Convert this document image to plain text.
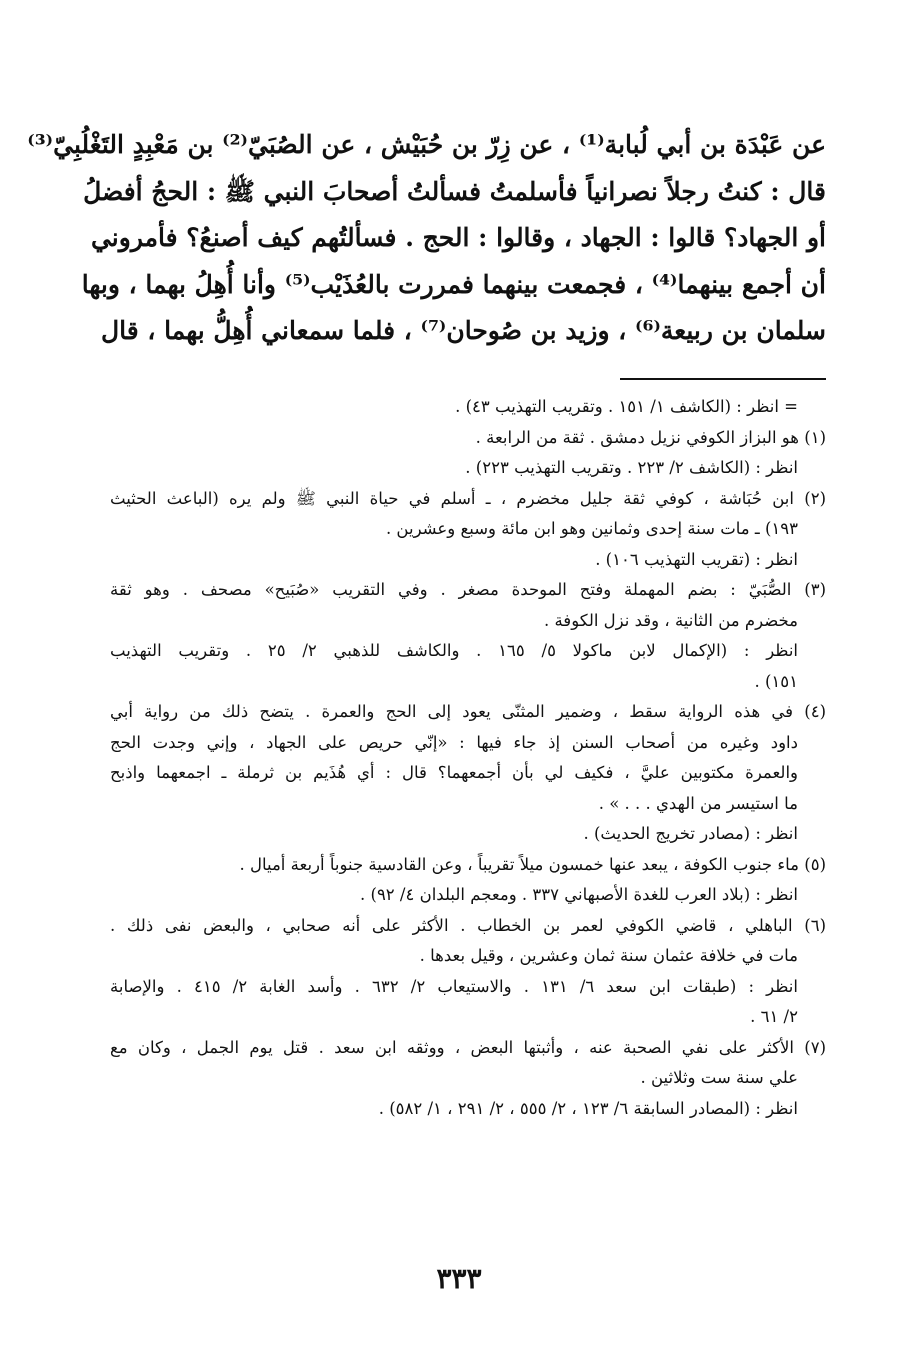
عن عَبْدَة بن أبي لُبابة⁽¹⁾ ، عن زِرّ بن حُبَيْش ، عن الصُبَيّ⁽²⁾ بن مَعْبِدٍ التَغْلُبِيّ⁽³⁾
قال : كنتُ رجلاً نصرانياً فأسلمتُ فسألتُ أصحابَ النبي ﷺ : الحجُ أفضلُ
أو الجهاد؟ قالوا : الجهاد ، وقالوا : الحج . فسألتُهم كيف أصنعُ؟ فأمروني
أن أجمع بينهما⁽⁴⁾ ، فجمعت بينهما فمررت بالعُذَيْب⁽⁵⁾ وأنا أُهِلُ بهما ، وبها
سلمان بن ربيعة⁽⁶⁾ ، وزيد بن صُوحان⁽⁷⁾ ، فلما سمعاني أُهِلُّ بهما ، قال
= انظر : (الكاشف ١/ ١٥١ . وتقريب التهذيب ٤٣) .
(١) هو البزاز الكوفي نزيل دمشق . ثقة من الرابعة .
انظر : (الكاشف ٢/ ٢٢٣ . وتقريب التهذيب ٢٢٣) .
(٢) ابن حُبَاشة ، كوفي ثقة جليل مخضرم ، ـ أسلم في حياة النبي ﷺ ولم يره (الباعث الحثيث
١٩٣) ـ مات سنة إحدى وثمانين وهو ابن مائة وسبع وعشرين .
انظر : (تقريب التهذيب ١٠٦) .
(٣) الصُّبَيّ : بضم المهملة وفتح الموحدة مصغر . وفي التقريب «صُبَيح» مصحف . وهو ثقة
مخضرم من الثانية ، وقد نزل الكوفة .
انظر : (الإكمال لابن ماكولا ٥/ ١٦٥ . والكاشف للذهبي ٢/ ٢٥ . وتقريب التهذيب
١٥١) .
(٤) في هذه الرواية سقط ، وضمير المثنّى يعود إلى الحج والعمرة . يتضح ذلك من رواية أبي
داود وغيره من أصحاب السنن إذ جاء فيها : «إنّي حريص على الجهاد ، وإني وجدت الحج
والعمرة مكتوبين عليَّ ، فكيف لي بأن أجمعهما؟ قال : أي هُذَيم بن ثرملة ـ اجمعهما واذبح
ما استيسر من الهدي . . . » .
انظر : (مصادر تخريج الحديث) .
(٥) ماء جنوب الكوفة ، يبعد عنها خمسون ميلاً تقريباً ، وعن القادسية جنوباً أربعة أميال .
انظر : (بلاد العرب للغدة الأصبهاني ٣٣٧ . ومعجم البلدان ٤/ ٩٢) .
(٦) الباهلي ، قاضي الكوفي لعمر بن الخطاب . الأكثر على أنه صحابي ، والبعض نفى ذلك .
مات في خلافة عثمان سنة ثمان وعشرين ، وقيل بعدها .
انظر : (طبقات ابن سعد ٦/ ١٣١ . والاستيعاب ٢/ ٦٣٢ . وأسد الغابة ٢/ ٤١٥ . والإصابة
٢/ ٦١ .
(٧) الأكثر على نفي الصحبة عنه ، وأثبتها البعض ، ووثقه ابن سعد . قتل يوم الجمل ، وكان مع
علي سنة ست وثلاثين .
انظر : (المصادر السابقة ٦/ ١٢٣ ، ٢/ ٥٥٥ ، ٢/ ٢٩١ ، ١/ ٥٨٢) .
٣٣٣
